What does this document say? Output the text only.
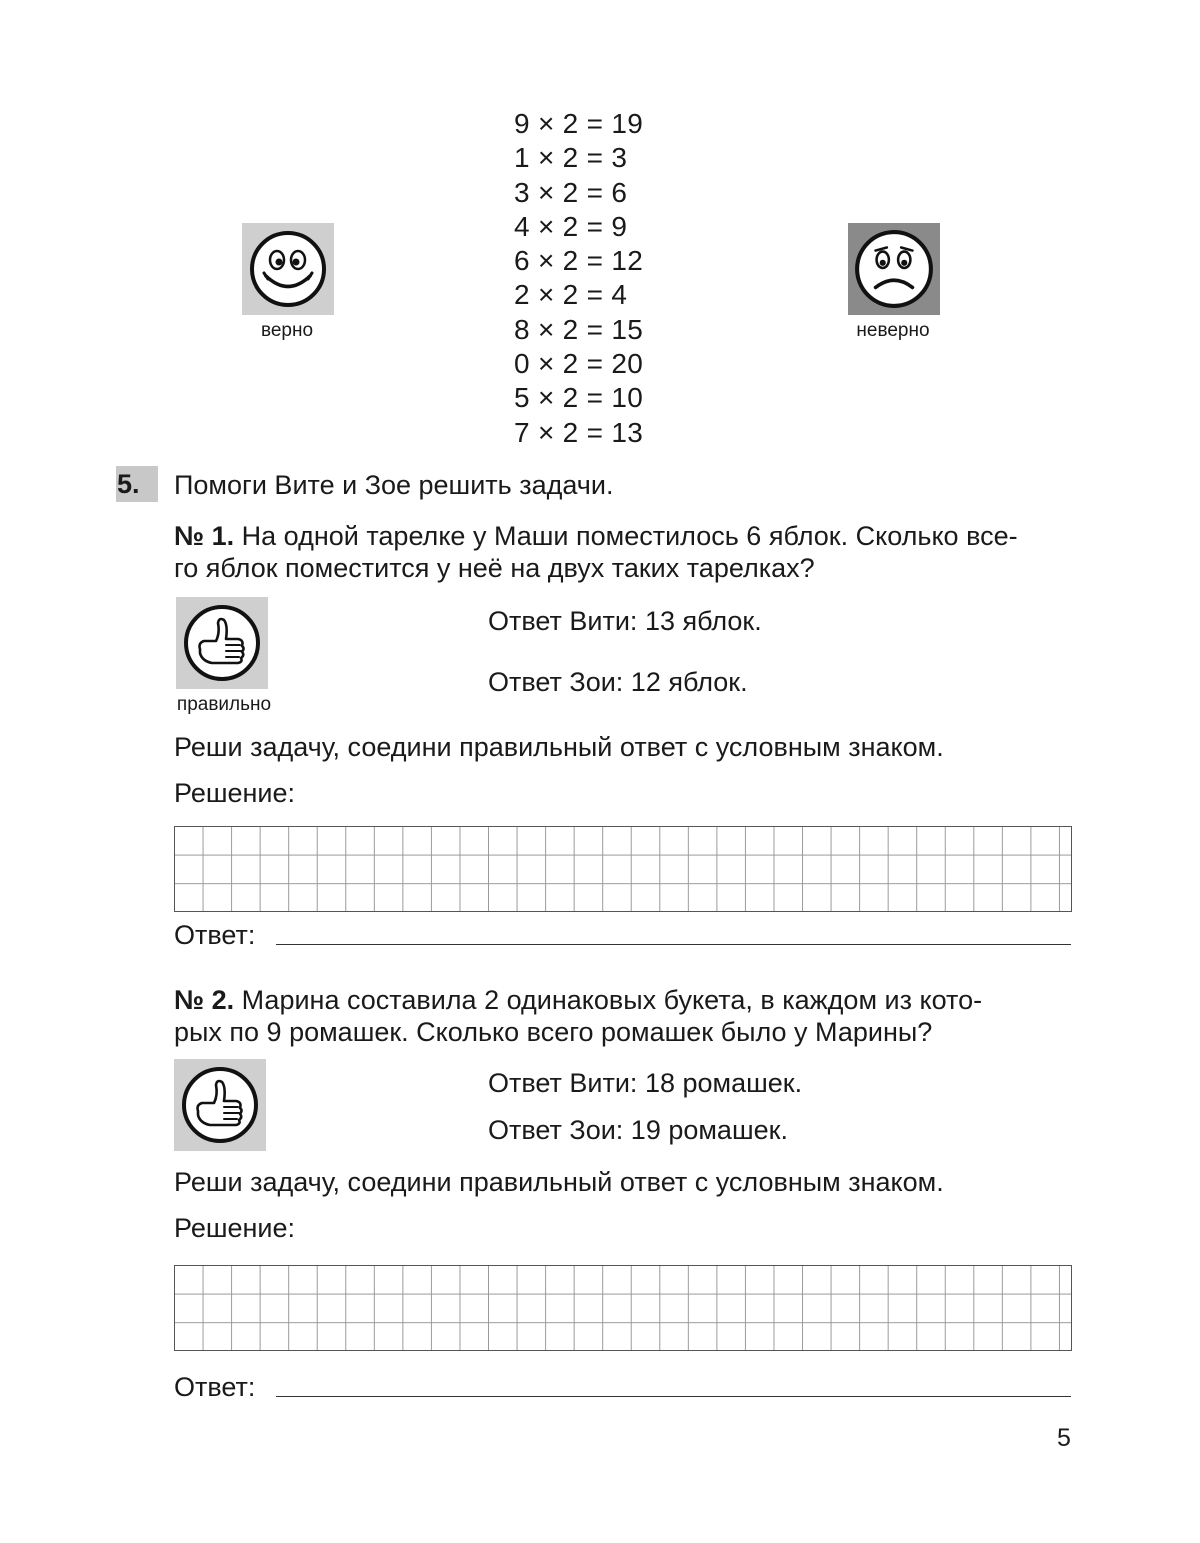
9 × 2 = 19
1 × 2 = 3
3 × 2 = 6
4 × 2 = 9
6 × 2 = 12
2 × 2 = 4
8 × 2 = 15
0 × 2 = 20
5 × 2 = 10
7 × 2 = 13
верно	неверно
5.	Помоги Вите и Зое решить задачи.
№ 1. На одной тарелке у Маши поместилось 6 яблок. Сколько все-
го яблок поместится у неё на двух таких тарелках?
правильно
Ответ Вити: 13 яблок.
Ответ Зои: 12 яблок.
Реши задачу, соедини правильный ответ с условным знаком.
Решение:
Ответ:
№ 2. Марина составила 2 одинаковых букета, в каждом из кото-
рых по 9 ромашек. Сколько всего ромашек было у Марины?
Ответ Вити: 18 ромашек.
Ответ Зои: 19 ромашек.
Реши задачу, соедини правильный ответ с условным знаком.
Решение:
Ответ:
5
